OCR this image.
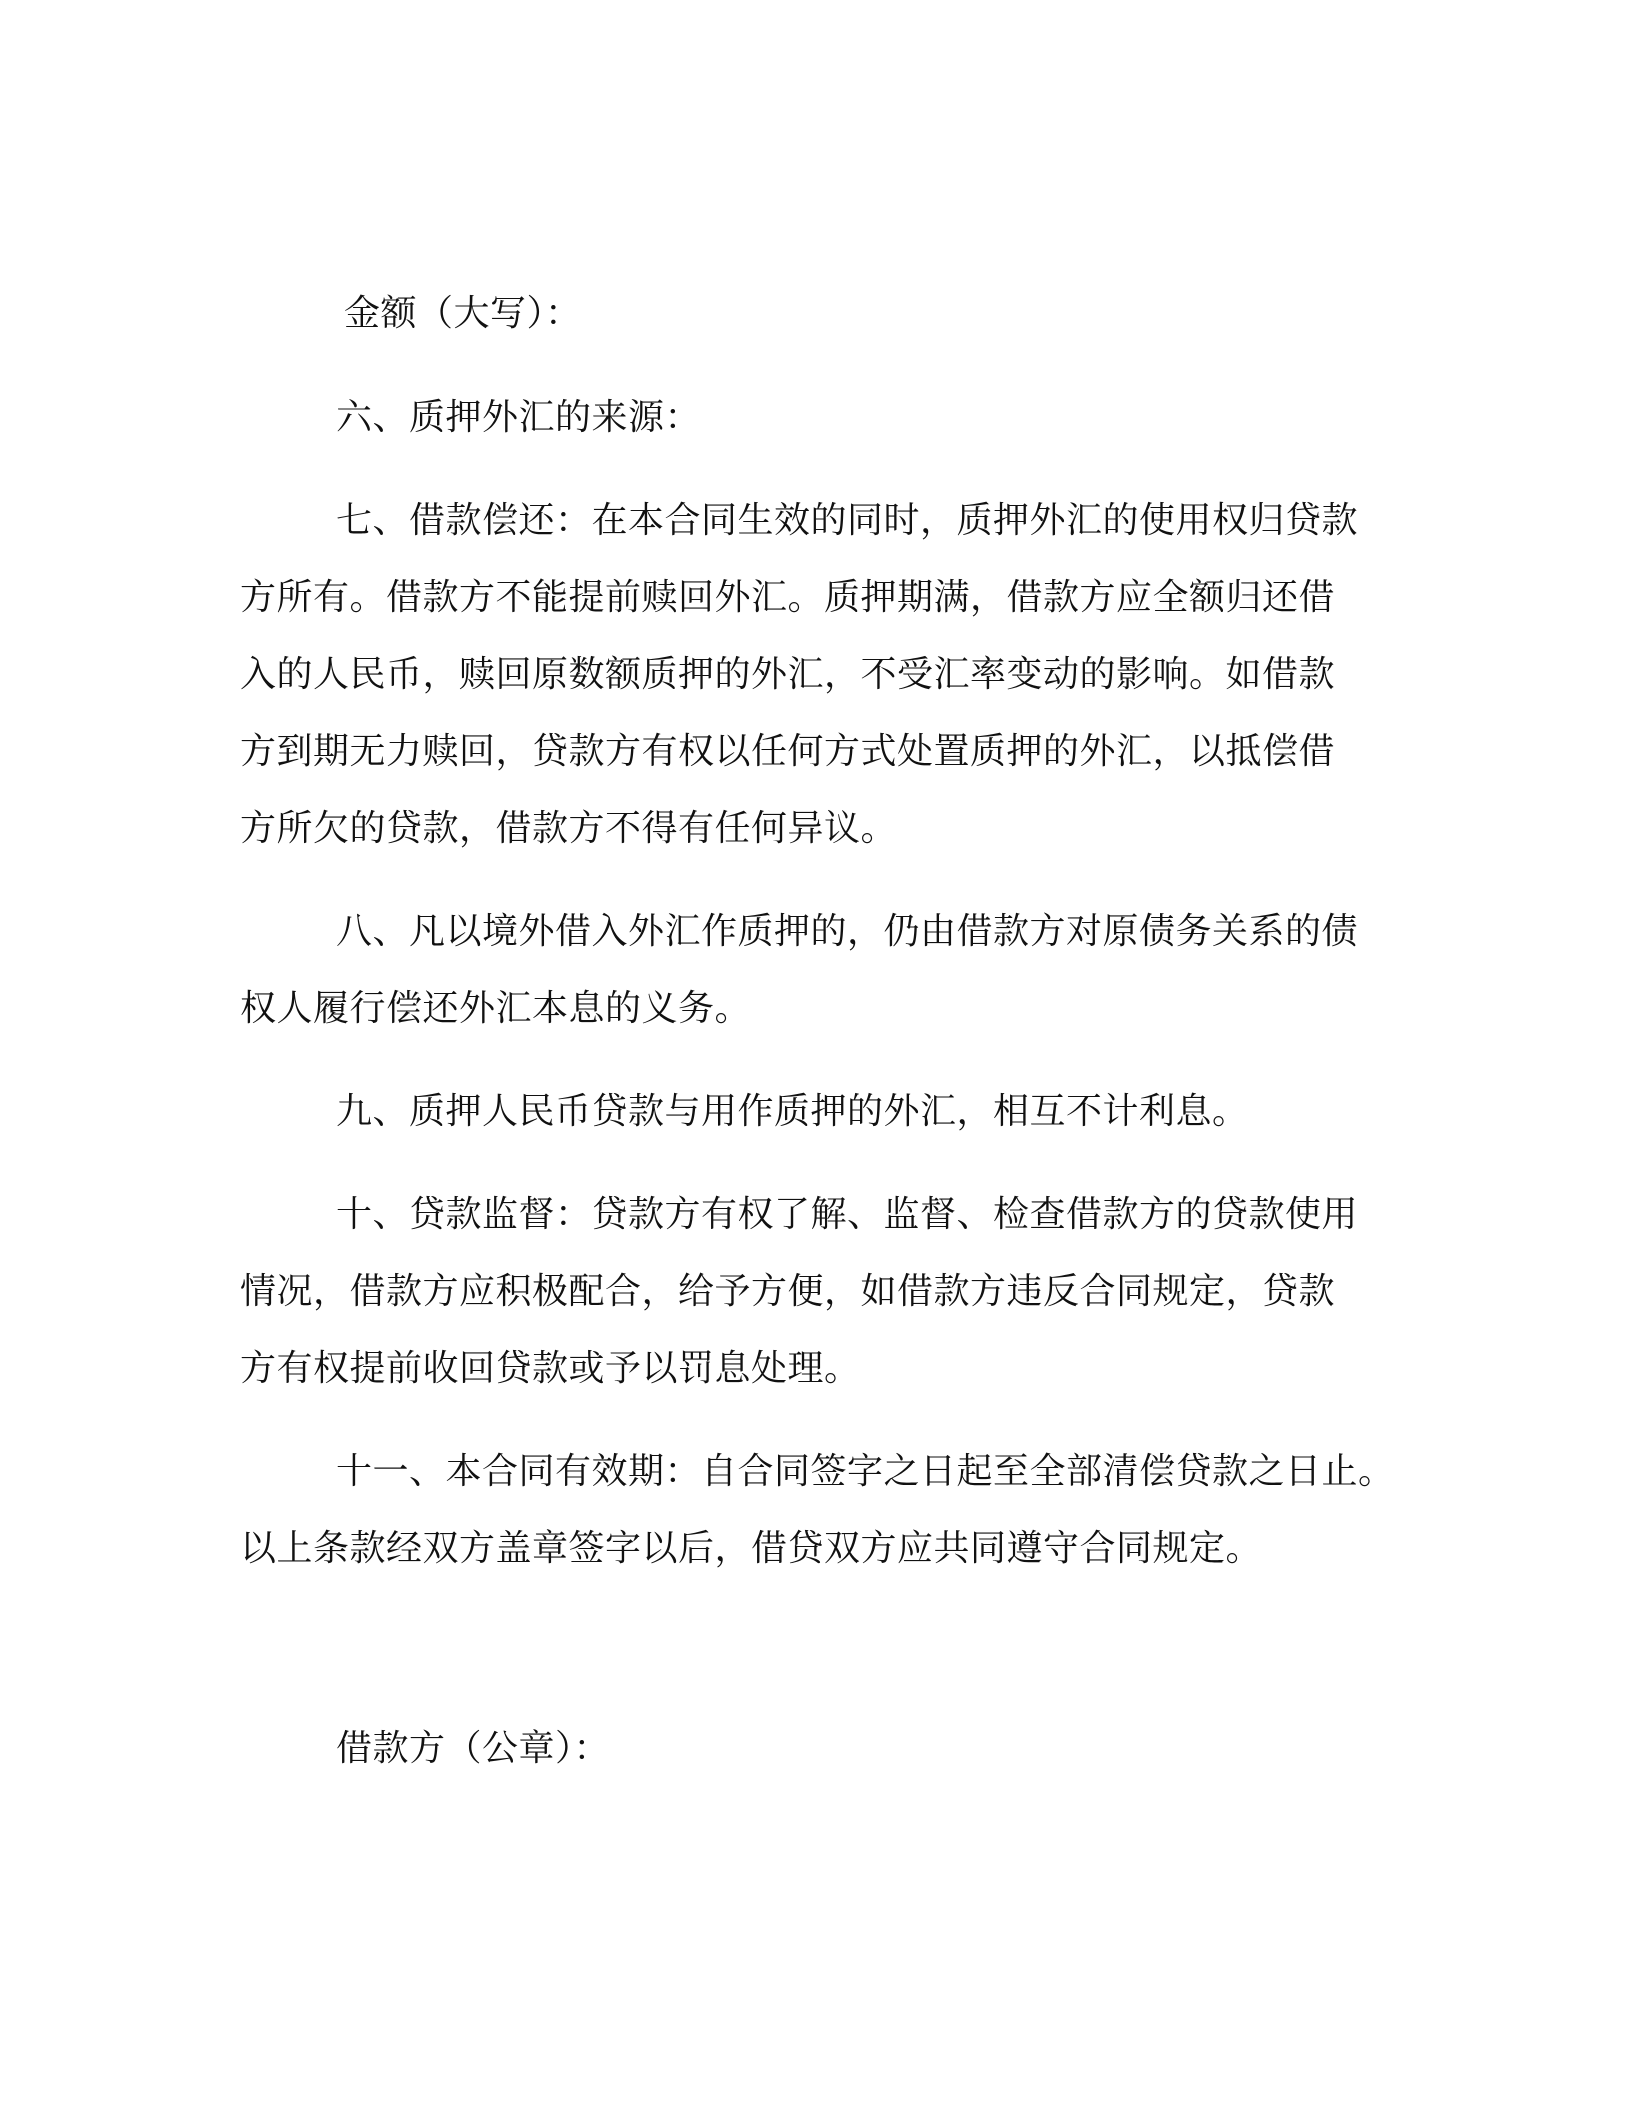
金额（大写）：
六、质押外汇的来源：
七、借款偿还：在本合同生效的同时，质押外汇的使用权归贷款
方所有。借款方不能提前赎回外汇。质押期满，借款方应全额归还借
入的人民币，赎回原数额质押的外汇，不受汇率变动的影响。如借款
方到期无力赎回，贷款方有权以任何方式处置质押的外汇，以抵偿借
方所欠的贷款，借款方不得有任何异议。
八、凡以境外借入外汇作质押的，仍由借款方对原债务关系的债
权人履行偿还外汇本息的义务。
九、质押人民币贷款与用作质押的外汇，相互不计利息。
十、贷款监督：贷款方有权了解、监督、检查借款方的贷款使用
情况，借款方应积极配合，给予方便，如借款方违反合同规定，贷款
方有权提前收回贷款或予以罚息处理。
十一、本合同有效期：自合同签字之日起至全部清偿贷款之日止。
以上条款经双方盖章签字以后，借贷双方应共同遵守合同规定。
借款方（公章）：
